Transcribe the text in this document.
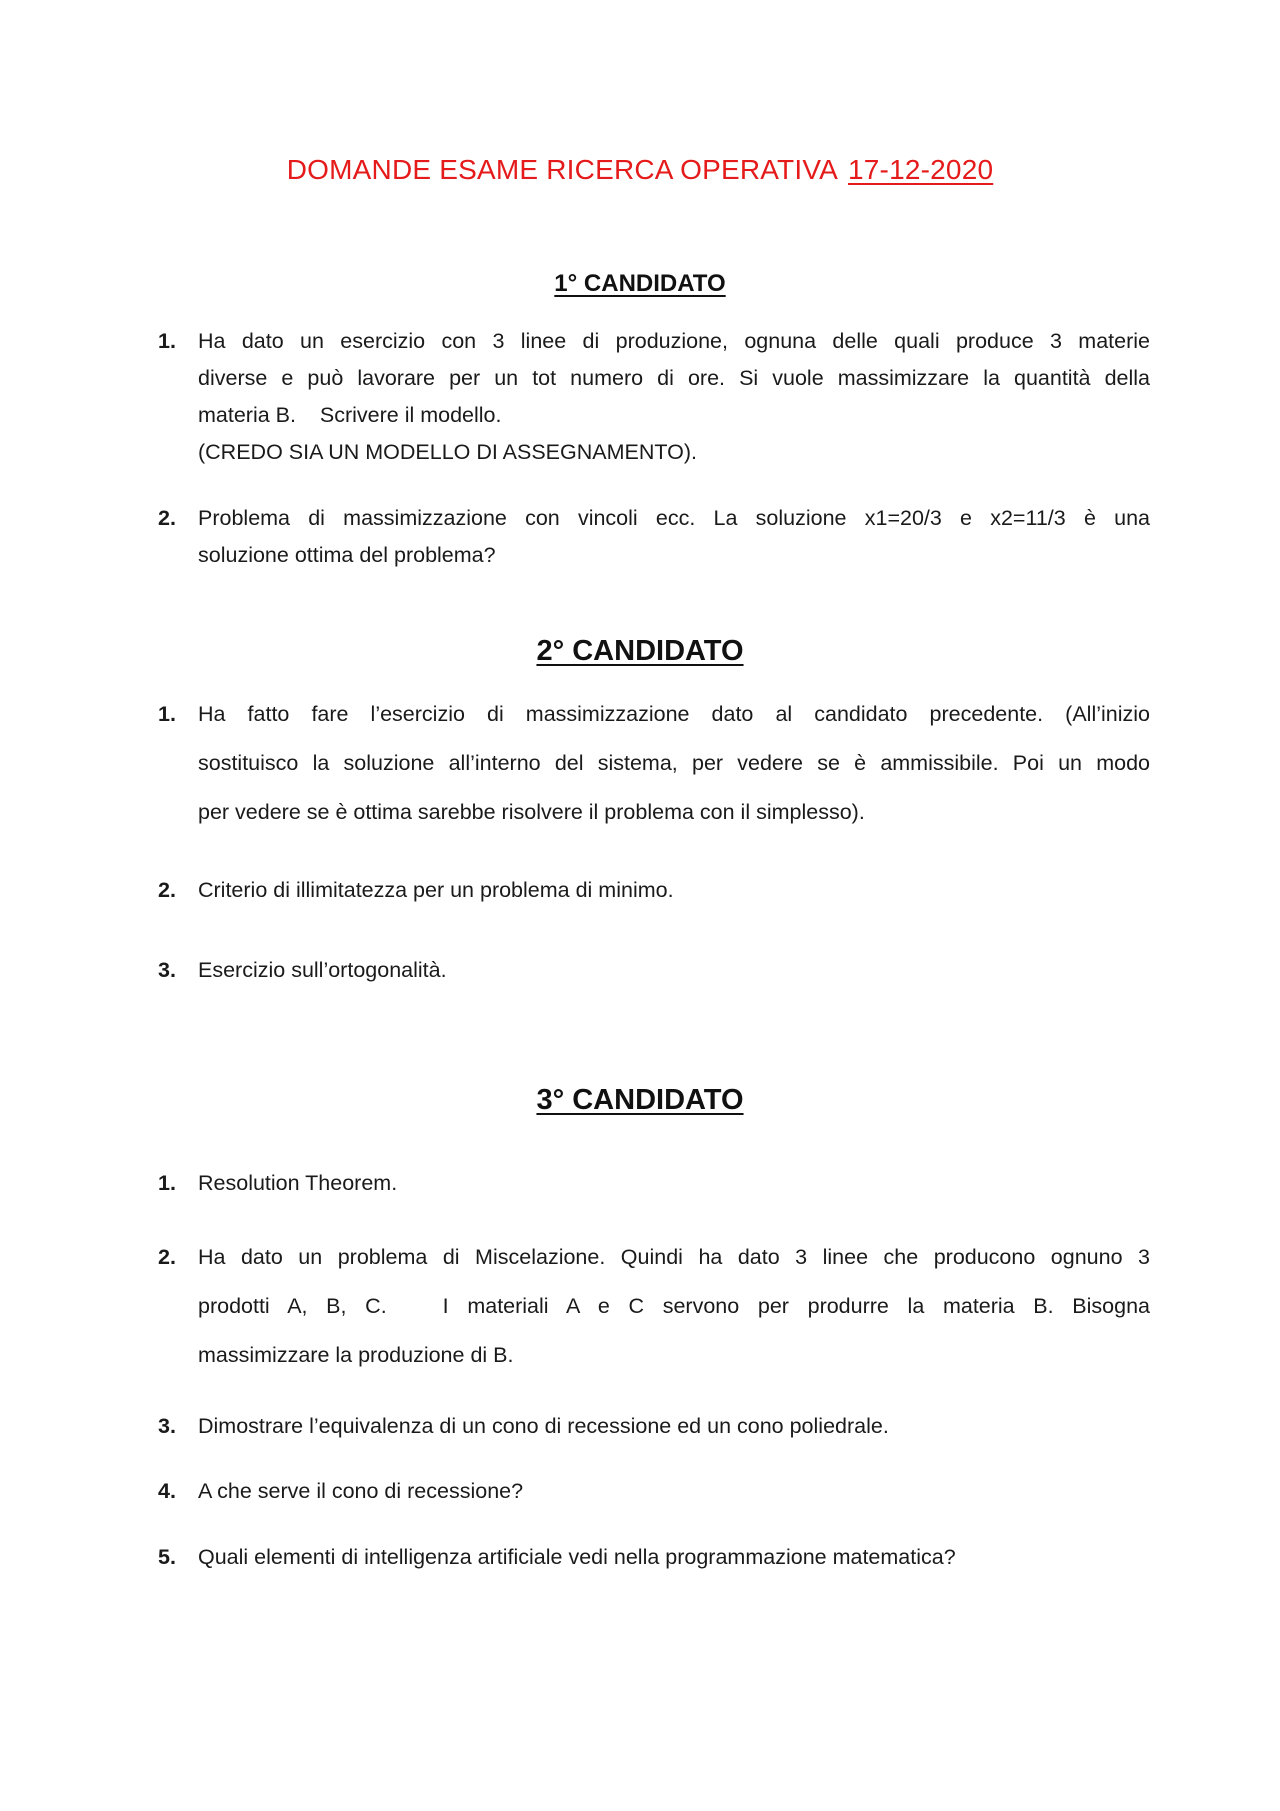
DOMANDE ESAME RICERCA OPERATIVA 17-12-2020
1° CANDIDATO
1.	Ha dato un esercizio con 3 linee di produzione, ognuna delle quali produce 3 materie
diverse e può lavorare per un tot numero di ore. Si vuole massimizzare la quantità della
materia B.    Scrivere il modello.
(CREDO SIA UN MODELLO DI ASSEGNAMENTO).
2.	Problema di massimizzazione con vincoli ecc. La soluzione x1=20/3 e x2=11/3 è una
soluzione ottima del problema?
2° CANDIDATO
1.	Ha fatto fare l’esercizio di massimizzazione dato al candidato precedente. (All’inizio
sostituisco la soluzione all’interno del sistema, per vedere se è ammissibile. Poi un modo
per vedere se è ottima sarebbe risolvere il problema con il simplesso).
2.	Criterio di illimitatezza per un problema di minimo.
3.	Esercizio sull’ortogonalità.
3° CANDIDATO
1.	Resolution Theorem.
2.	Ha dato un problema di Miscelazione. Quindi ha dato 3 linee che producono ognuno 3
prodotti A, B, C.   I materiali A e C servono per produrre la materia B. Bisogna
massimizzare la produzione di B.
3.	Dimostrare l’equivalenza di un cono di recessione ed un cono poliedrale.
4.	A che serve il cono di recessione?
5.	Quali elementi di intelligenza artificiale vedi nella programmazione matematica?
